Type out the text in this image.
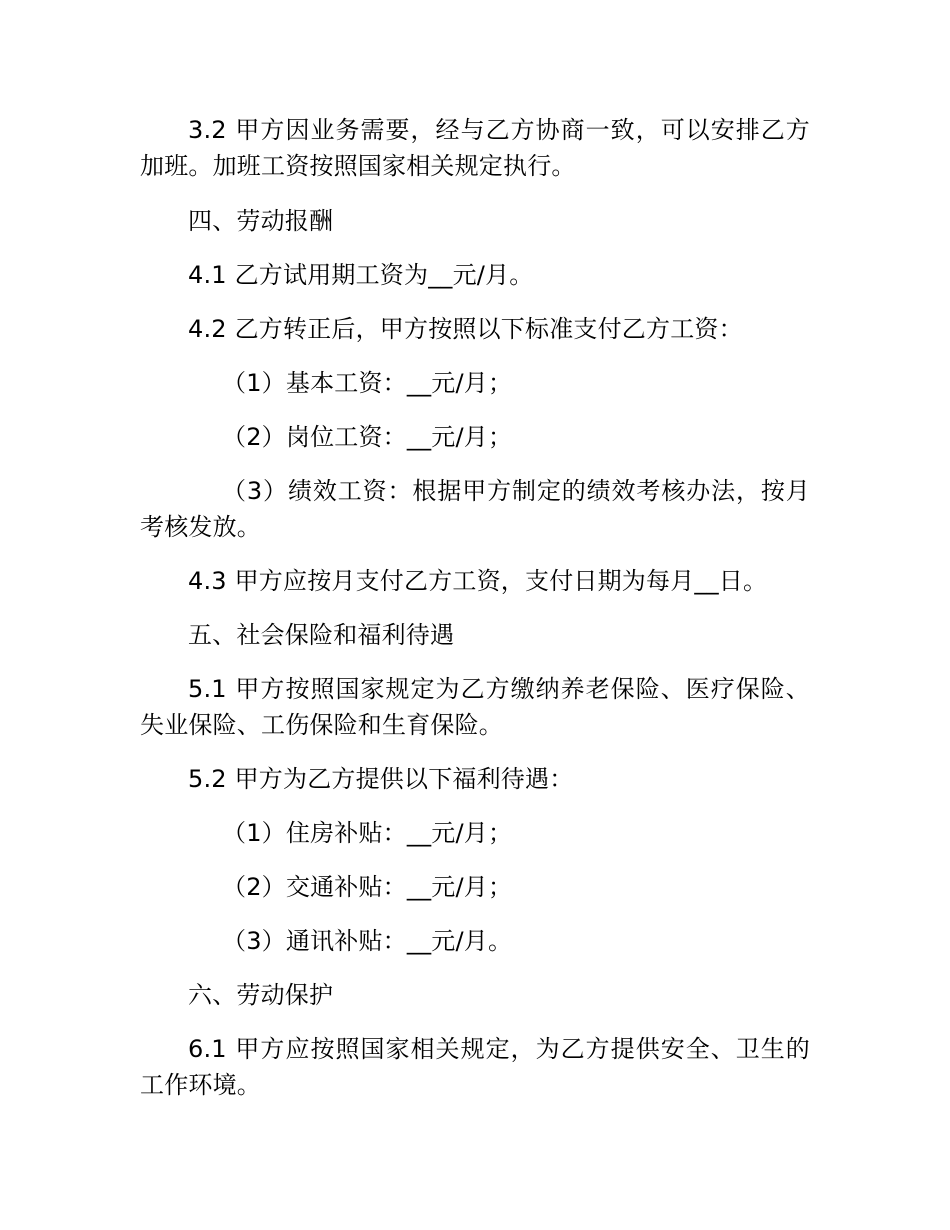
3.2 甲方因业务需要，经与乙方协商一致，可以安排乙方加班。加班工资按照国家相关规定执行。

四、劳动报酬

4.1 乙方试用期工资为__元/月。

4.2 乙方转正后，甲方按照以下标准支付乙方工资：

（1）基本工资：__元/月；

（2）岗位工资：__元/月；

（3）绩效工资：根据甲方制定的绩效考核办法，按月考核发放。

4.3 甲方应按月支付乙方工资，支付日期为每月__日。

五、社会保险和福利待遇

5.1 甲方按照国家规定为乙方缴纳养老保险、医疗保险、失业保险、工伤保险和生育保险。

5.2 甲方为乙方提供以下福利待遇：

（1）住房补贴：__元/月；

（2）交通补贴：__元/月；

（3）通讯补贴：__元/月。

六、劳动保护

6.1 甲方应按照国家相关规定，为乙方提供安全、卫生的工作环境。
